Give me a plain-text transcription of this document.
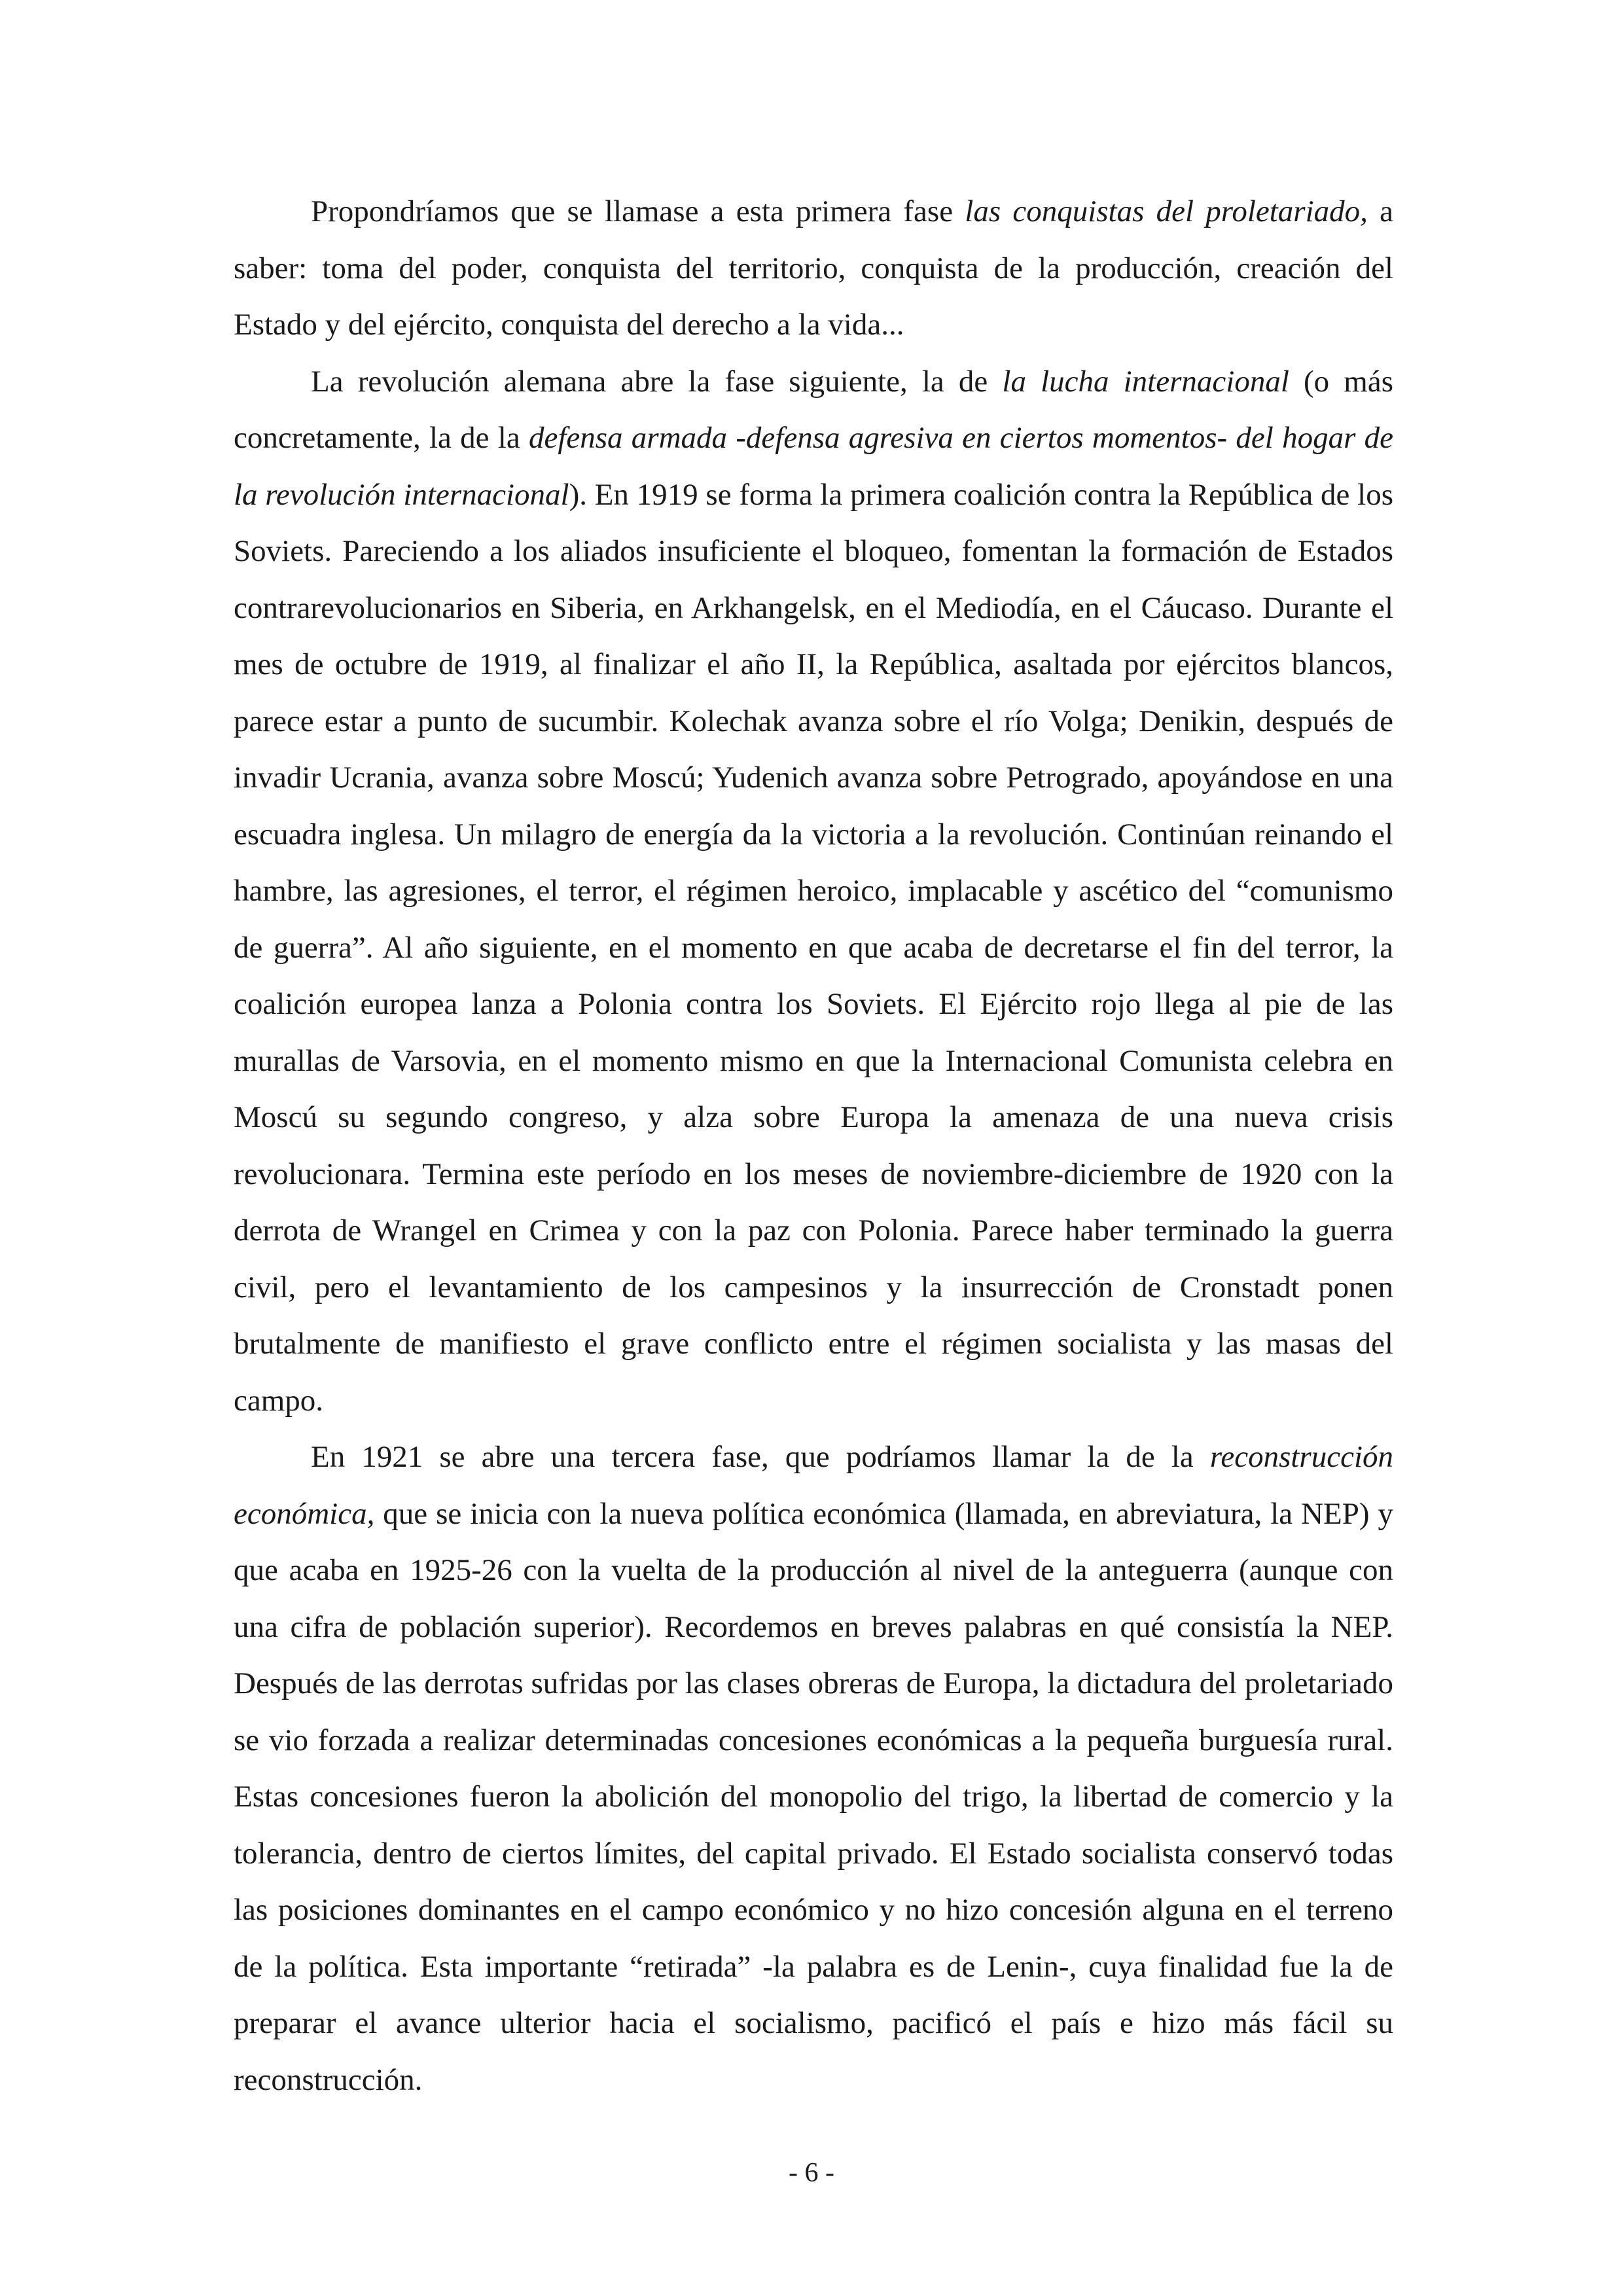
Propondríamos que se llamase a esta primera fase las conquistas del proletariado, a saber: toma del poder, conquista del territorio, conquista de la producción, creación del Estado y del ejército, conquista del derecho a la vida...

La revolución alemana abre la fase siguiente, la de la lucha internacional (o más concretamente, la de la defensa armada -defensa agresiva en ciertos momentos- del hogar de la revolución internacional). En 1919 se forma la primera coalición contra la República de los Soviets. Pareciendo a los aliados insuficiente el bloqueo, fomentan la formación de Estados contrarevolucionarios en Siberia, en Arkhangelsk, en el Mediodía, en el Cáucaso. Durante el mes de octubre de 1919, al finalizar el año II, la República, asaltada por ejércitos blancos, parece estar a punto de sucumbir. Kolechak avanza sobre el río Volga; Denikin, después de invadir Ucrania, avanza sobre Moscú; Yudenich avanza sobre Petrogrado, apoyándose en una escuadra inglesa. Un milagro de energía da la victoria a la revolución. Continúan reinando el hambre, las agresiones, el terror, el régimen heroico, implacable y ascético del “comunismo de guerra”. Al año siguiente, en el momento en que acaba de decretarse el fin del terror, la coalición europea lanza a Polonia contra los Soviets. El Ejército rojo llega al pie de las murallas de Varsovia, en el momento mismo en que la Internacional Comunista celebra en Moscú su segundo congreso, y alza sobre Europa la amenaza de una nueva crisis revolucionara. Termina este período en los meses de noviembre-diciembre de 1920 con la derrota de Wrangel en Crimea y con la paz con Polonia. Parece haber terminado la guerra civil, pero el levantamiento de los campesinos y la insurrección de Cronstadt ponen brutalmente de manifiesto el grave conflicto entre el régimen socialista y las masas del campo.

En 1921 se abre una tercera fase, que podríamos llamar la de la reconstrucción económica, que se inicia con la nueva política económica (llamada, en abreviatura, la NEP) y que acaba en 1925-26 con la vuelta de la producción al nivel de la anteguerra (aunque con una cifra de población superior). Recordemos en breves palabras en qué consistía la NEP. Después de las derrotas sufridas por las clases obreras de Europa, la dictadura del proletariado se vio forzada a realizar determinadas concesiones económicas a la pequeña burguesía rural. Estas concesiones fueron la abolición del monopolio del trigo, la libertad de comercio y la tolerancia, dentro de ciertos límites, del capital privado. El Estado socialista conservó todas las posiciones dominantes en el campo económico y no hizo concesión alguna en el terreno de la política. Esta importante “retirada” -la palabra es de Lenin-, cuya finalidad fue la de preparar el avance ulterior hacia el socialismo, pacificó el país e hizo más fácil su reconstrucción.

- 6 -
